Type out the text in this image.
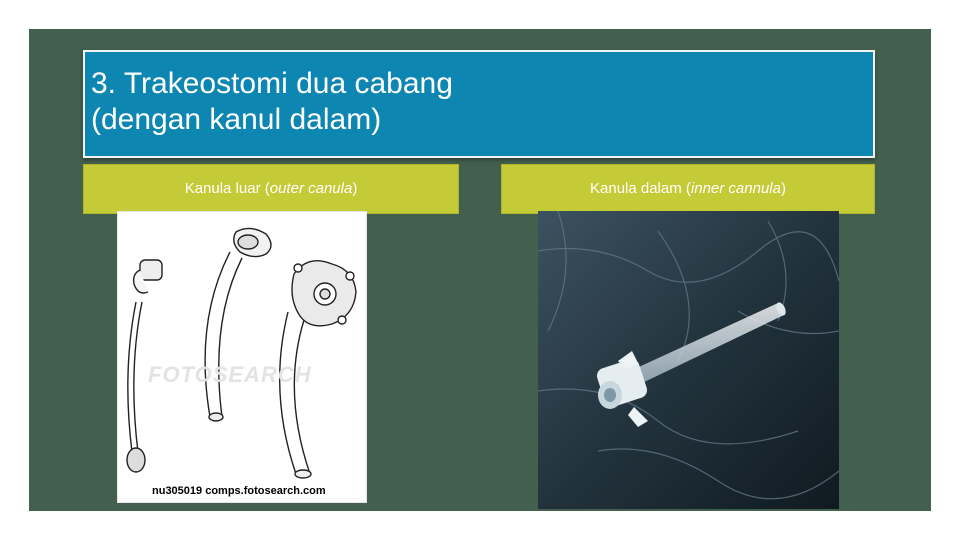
3. Trakeostomi dua cabang
(dengan kanul dalam)
Kanula luar (outer canula)	Kanula dalam (inner cannula)
FOTOSEARCH
nu305019 comps.fotosearch.com
